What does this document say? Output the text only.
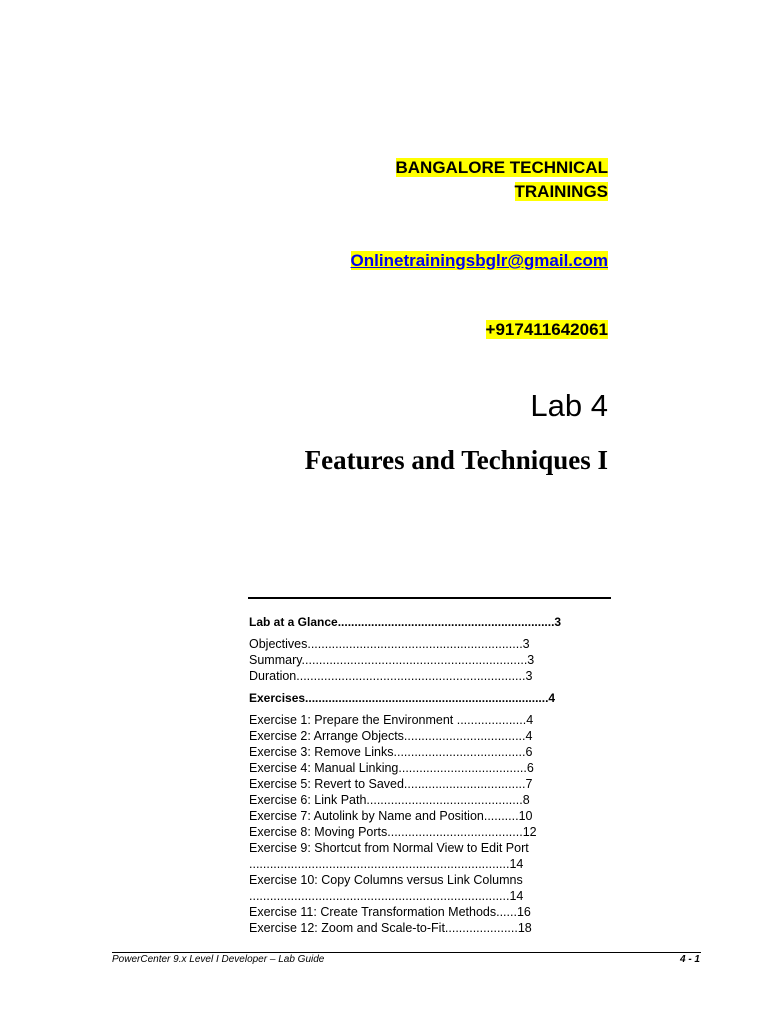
BANGALORE TECHNICAL
TRAININGS
Onlinetrainingsbglr@gmail.com
+917411642061
Lab 4
Features and Techniques I
Lab at a Glance.................................................................3
Objectives..............................................................3
Summary.................................................................3
Duration..................................................................3
Exercises.........................................................................4
Exercise 1: Prepare the Environment ....................4
Exercise 2: Arrange Objects...................................4
Exercise 3: Remove Links......................................6
Exercise 4: Manual Linking.....................................6
Exercise 5: Revert to Saved...................................7
Exercise 6: Link Path.............................................8
Exercise 7: Autolink by Name and Position..........10
Exercise 8: Moving Ports.......................................12
Exercise 9: Shortcut from Normal View to Edit Port
...........................................................................14
Exercise 10: Copy Columns versus Link Columns
...........................................................................14
Exercise 11: Create Transformation Methods......16
Exercise 12: Zoom and Scale-to-Fit.....................18
PowerCenter 9.x Level I Developer – Lab Guide	4 - 1
